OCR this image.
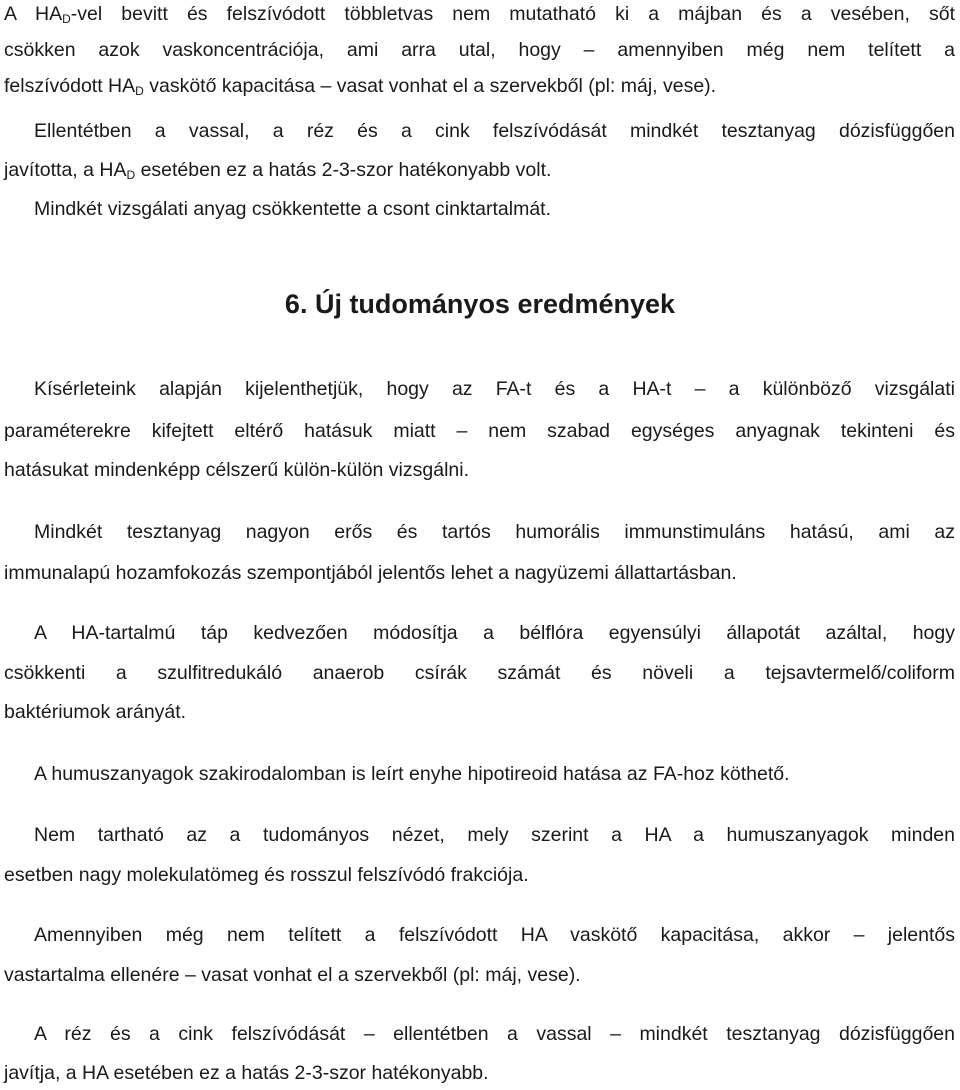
A $HA_D$-vel bevitt és felszívódott többletvas nem mutatható ki a májban és a vesében, sőt
csökken azok vaskoncentrációja, ami arra utal, hogy – amennyiben még nem telített a
felszívódott $HA_D$ vaskötő kapacitása – vasat vonhat el a szervekből (pl: máj, vese).
Ellentétben a vassal, a réz és a cink felszívódását mindkét tesztanyag dózisfüggően
javította, a $HA_D$ esetében ez a hatás 2-3-szor hatékonyabb volt.
Mindkét vizsgálati anyag csökkentette a csont cinktartalmát.
6. Új tudományos eredmények
Kísérleteink alapján kijelenthetjük, hogy az FA-t és a HA-t – a különböző vizsgálati
paraméterekre kifejtett eltérő hatásuk miatt – nem szabad egységes anyagnak tekinteni és
hatásukat mindenképp célszerű külön-külön vizsgálni.
Mindkét tesztanyag nagyon erős és tartós humorális immunstimuláns hatású, ami az
immunalapú hozamfokozás szempontjából jelentős lehet a nagyüzemi állattartásban.
A HA-tartalmú táp kedvezően módosítja a bélflóra egyensúlyi állapotát azáltal, hogy
csökkenti a szulfitredukáló anaerob csírák számát és növeli a tejsavtermelő/coliform
baktériumok arányát.
A humuszanyagok szakirodalomban is leírt enyhe hipotireoid hatása az FA-hoz köthető.
Nem tartható az a tudományos nézet, mely szerint a HA a humuszanyagok minden
esetben nagy molekulatömeg és rosszul felszívódó frakciója.
Amennyiben még nem telített a felszívódott HA vaskötő kapacitása, akkor – jelentős
vastartalma ellenére – vasat vonhat el a szervekből (pl: máj, vese).
A réz és a cink felszívódását – ellentétben a vassal – mindkét tesztanyag dózisfüggően
javítja, a HA esetében ez a hatás 2-3-szor hatékonyabb.
